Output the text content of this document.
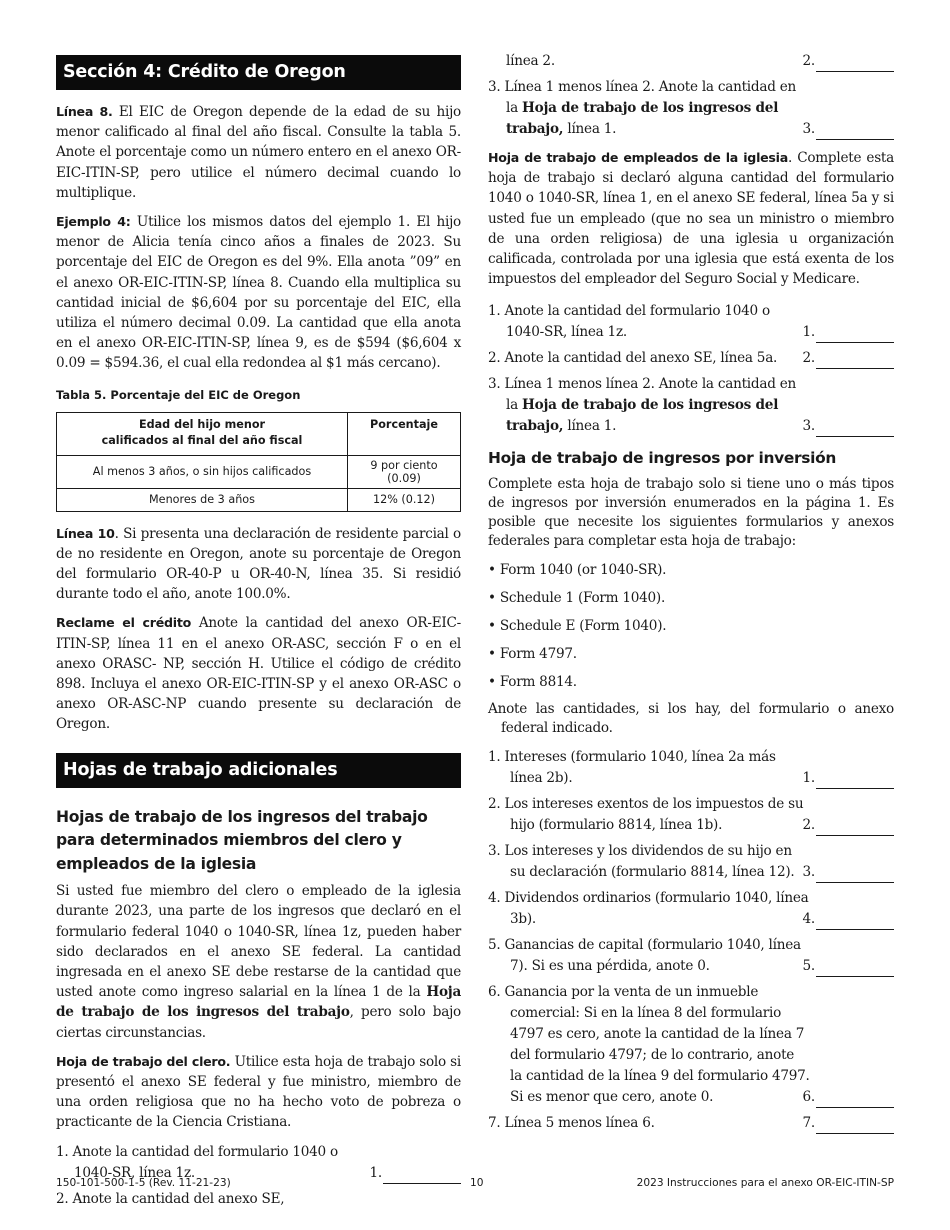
Sección 4: Crédito de Oregon

Línea 8. El EIC de Oregon depende de la edad de su hijo menor calificado al final del año fiscal. Consulte la tabla 5. Anote el porcentaje como un número entero en el anexo OR-EIC-ITIN-SP, pero utilice el número decimal cuando lo multiplique.

Ejemplo 4: Utilice los mismos datos del ejemplo 1. El hijo menor de Alicia tenía cinco años a finales de 2023. Su porcentaje del EIC de Oregon es del 9%. Ella anota ”09” en el anexo OR-EIC-ITIN-SP, línea 8. Cuando ella multiplica su cantidad inicial de $6,604 por su porcentaje del EIC, ella utiliza el número decimal 0.09. La cantidad que ella anota en el anexo OR-EIC-ITIN-SP, línea 9, es de $594 ($6,604 x 0.09 = $594.36, el cual ella redondea al $1 más cercano).

Tabla 5. Porcentaje del EIC de Oregon
Edad del hijo menor
calificados al final del año fiscal	Porcentaje
Al menos 3 años, o sin hijos calificados	9 por ciento (0.09)
Menores de 3 años	12% (0.12)

Línea 10. Si presenta una declaración de residente parcial o de no residente en Oregon, anote su porcentaje de Oregon del formulario OR-40-P u OR-40-N, línea 35. Si residió durante todo el año, anote 100.0%.

Reclame el crédito Anote la cantidad del anexo OR-EIC-ITIN-SP, línea 11 en el anexo OR-ASC, sección F o en el anexo ORASC- NP, sección H. Utilice el código de crédito 898. Incluya el anexo OR-EIC-ITIN-SP y el anexo OR-ASC o anexo OR-ASC-NP cuando presente su declaración de Oregon.

Hojas de trabajo adicionales
Hojas de trabajo de los ingresos del trabajo para determinados miembros del clero y empleados de la iglesia

Si usted fue miembro del clero o empleado de la iglesia durante 2023, una parte de los ingresos que declaró en el formulario federal 1040 o 1040-SR, línea 1z, pueden haber sido declarados en el anexo SE federal. La cantidad ingresada en el anexo SE debe restarse de la cantidad que usted anote como ingreso salarial en la línea 1 de la Hoja de trabajo de los ingresos del trabajo, pero solo bajo ciertas circunstancias.

Hoja de trabajo del clero. Utilice esta hoja de trabajo solo si presentó el anexo SE federal y fue ministro, miembro de una orden religiosa que no ha hecho voto de pobreza o practicante de la Ciencia Cristiana.

1. Anote la cantidad del formulario 1040 o 1040-SR, línea 1z.	1.
2. Anote la cantidad del anexo SE,
línea 2.	2.
3. Línea 1 menos línea 2. Anote la cantidad en la Hoja de trabajo de los ingresos del trabajo, línea 1.	3.

Hoja de trabajo de empleados de la iglesia. Complete esta hoja de trabajo si declaró alguna cantidad del formulario 1040 o 1040-SR, línea 1, en el anexo SE federal, línea 5a y si usted fue un empleado (que no sea un ministro o miembro de una orden religiosa) de una iglesia u organización calificada, controlada por una iglesia que está exenta de los impuestos del empleador del Seguro Social y Medicare.

1. Anote la cantidad del formulario 1040 o 1040-SR, línea 1z.	1.
2. Anote la cantidad del anexo SE, línea 5a.	2.
3. Línea 1 menos línea 2. Anote la cantidad en la Hoja de trabajo de los ingresos del trabajo, línea 1.	3.
Hoja de trabajo de ingresos por inversión

Complete esta hoja de trabajo solo si tiene uno o más tipos de ingresos por inversión enumerados en la página 1. Es posible que necesite los siguientes formularios y anexos federales para completar esta hoja de trabajo:

• Form 1040 (or 1040-SR).
• Schedule 1 (Form 1040).
• Schedule E (Form 1040).
• Form 4797.
• Form 8814.

Anote las cantidades, si los hay, del formulario o anexo federal indicado.

1. Intereses (formulario 1040, línea 2a más línea 2b).	1.
2. Los intereses exentos de los impuestos de su hijo (formulario 8814, línea 1b).	2.
3. Los intereses y los dividendos de su hijo en su declaración (formulario 8814, línea 12). 3.
4. Dividendos ordinarios (formulario 1040, línea 3b).	4.
5. Ganancias de capital (formulario 1040, línea 7). Si es una pérdida, anote 0.	5.
6. Ganancia por la venta de un inmueble comercial: Si en la línea 8 del formulario 4797 es cero, anote la cantidad de la línea 7 del formulario 4797; de lo contrario, anote la cantidad de la línea 9 del formulario 4797. Si es menor que cero, anote 0.	6.
7. Línea 5 menos línea 6.	7.
150-101-500-1-5 (Rev. 11-21-23)	10	2023 Instrucciones para el anexo OR-EIC-ITIN-SP
